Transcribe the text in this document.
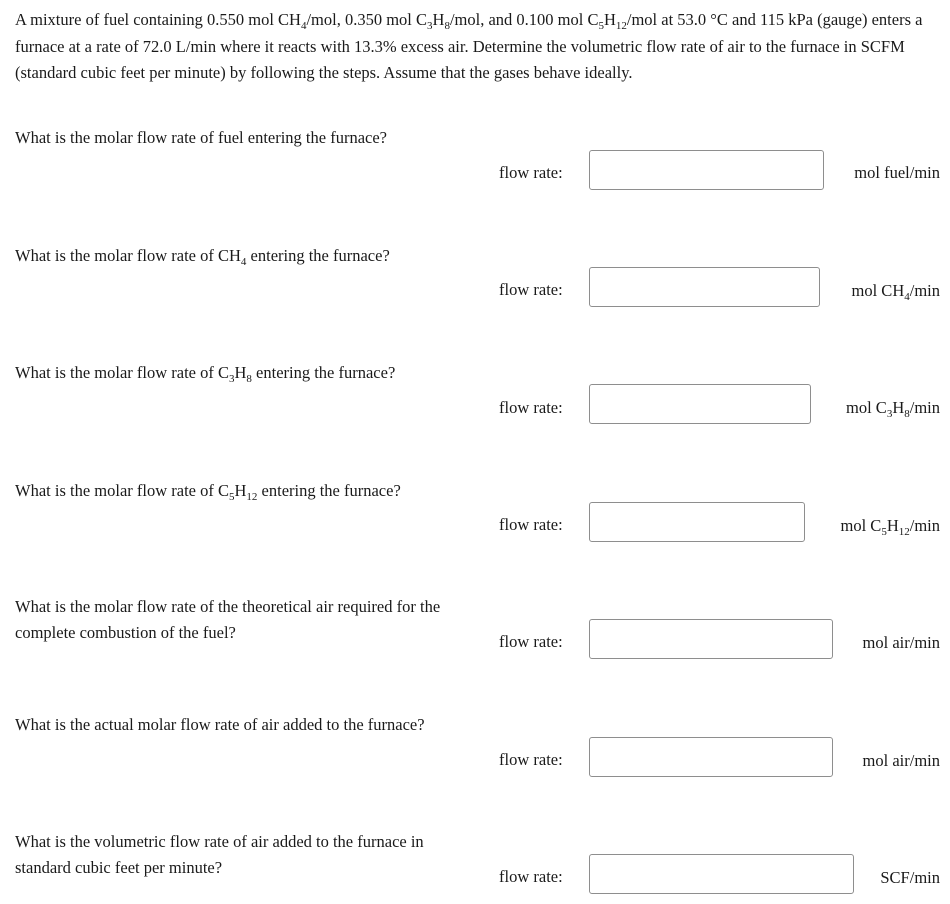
A mixture of fuel containing 0.550 mol $CH_4$/mol, 0.350 mol $C_3H_8$/mol, and 0.100 mol $C_5H_{12}$/mol at 53.0 °C and 115 kPa (gauge) enters a furnace at a rate of 72.0 L/min where it reacts with 13.3% excess air. Determine the volumetric flow rate of air to the furnace in SCFM (standard cubic feet per minute) by following the steps. Assume that the gases behave ideally.
What is the molar flow rate of fuel entering the furnace?
flow rate:	mol fuel/min
What is the molar flow rate of $CH_4$ entering the furnace?
flow rate:	mol $CH_4/\min$
What is the molar flow rate of $C_3H_8$ entering the furnace?
flow rate:	mol $C_3H_8/\min$
What is the molar flow rate of $C_5H_{12}$ entering the furnace?
flow rate:	mol $C_5H_{12}/\min$
What is the molar flow rate of the theoretical air required for the complete combustion of the fuel?	flow rate:	mol air/min
What is the actual molar flow rate of air added to the furnace?
flow rate:	mol air/min
What is the volumetric flow rate of air added to the furnace in standard cubic feet per minute?	flow rate:	SCF/min
